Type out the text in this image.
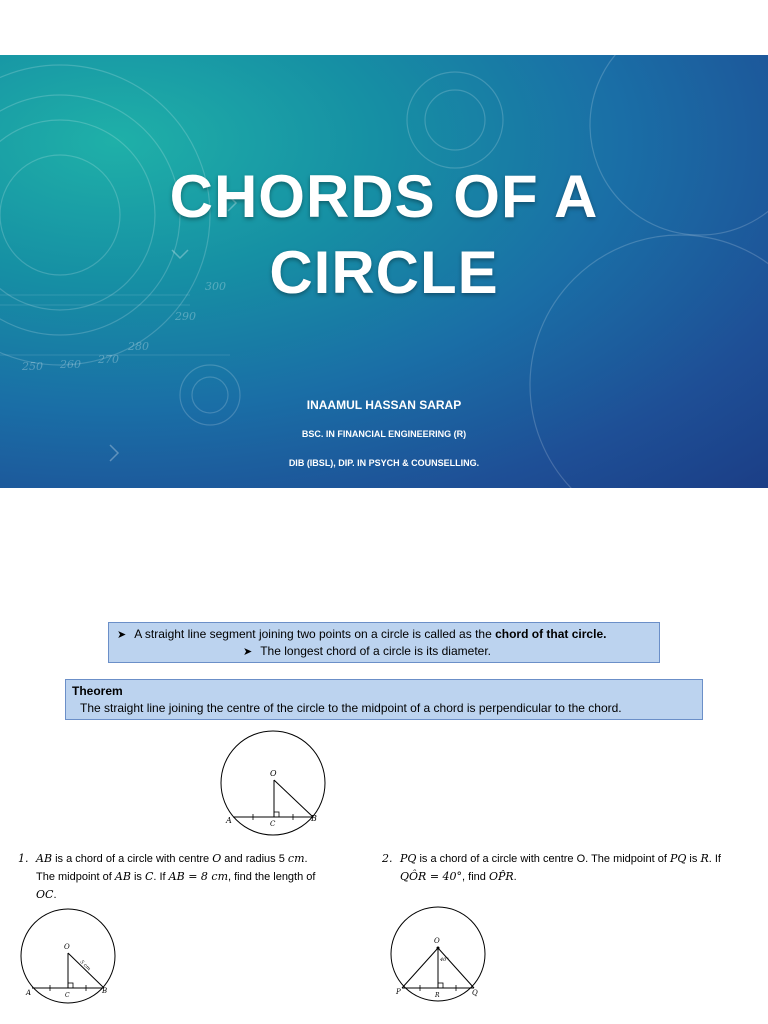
250 260 270
280
290
300
CHORDS OF A
CIRCLE
INAAMUL HASSAN SARAP
BSC. IN FINANCIAL ENGINEERING (R)
DIB (IBSL), DIP. IN PSYCH & COUNSELLING.
➤ A straight line segment joining two points on a circle is called as the chord of that circle.
➤ The longest chord of a circle is its diameter.
Theorem
The straight line joining the centre of the circle to the midpoint of a chord is perpendicular to the chord.
O
A	B
C
1. AB is a chord of a circle with centre O and radius 5 cm.
The midpoint of AB is C. If AB = 8 cm, find the length of
OC.
O
A	B
C
5 cm
2. PQ is a chord of a circle with centre O. The midpoint of PQ is R. If
QÔR = 40°, find OP̂R.
O
P	Q
R
40°
